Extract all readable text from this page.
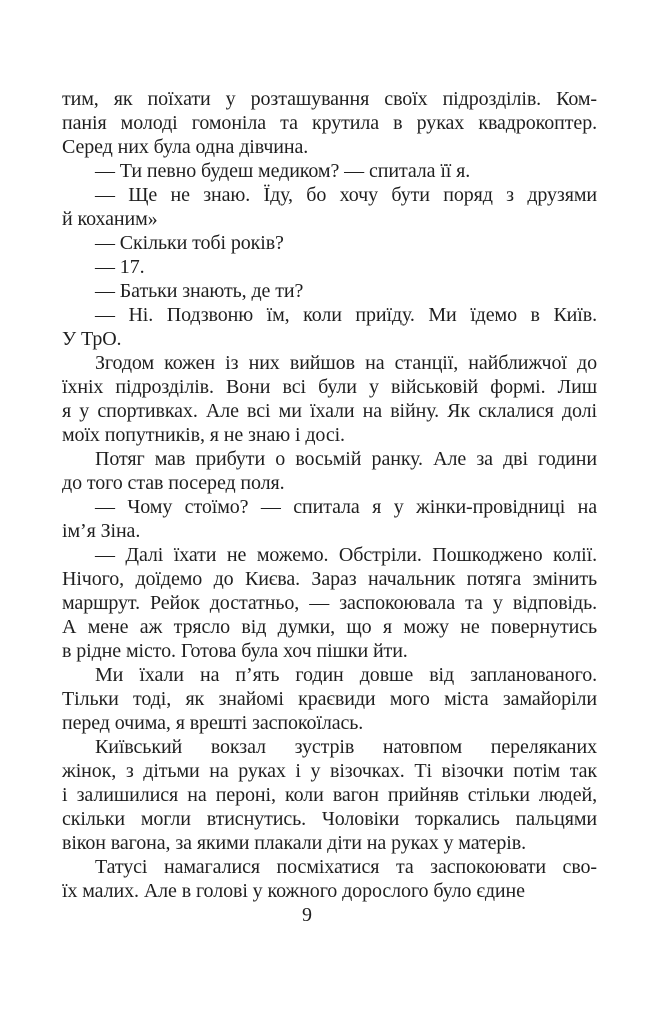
тим, як поїхати у розташування своїх підрозділів. Ком-
панія молоді гомоніла та крутила в руках квадрокоптер.
Серед них була одна дівчина.
— Ти певно будеш медиком? — спитала її я.
— Ще не знаю. Їду, бо хочу бути поряд з друзями
й коханим»
— Скільки тобі років?
— 17.
— Батьки знають, де ти?
— Ні. Подзвоню їм, коли приїду. Ми їдемо в Київ.
У ТрО.
Згодом кожен із них вийшов на станції, найближчої до
їхніх підрозділів. Вони всі були у військовій формі. Лиш
я у спортивках. Але всі ми їхали на війну. Як склалися долі
моїх попутників, я не знаю і досі.
Потяг мав прибути о восьмій ранку. Але за дві години
до того став посеред поля.
— Чому стоїмо? — спитала я у жінки-провідниці на
ім’я Зіна.
— Далі їхати не можемо. Обстріли. Пошкоджено колії.
Нічого, доїдемо до Києва. Зараз начальник потяга змінить
маршрут. Рейок достатньо, — заспокоювала та у відповідь.
А мене аж трясло від думки, що я можу не повернутись
в рідне місто. Готова була хоч пішки йти.
Ми їхали на п’ять годин довше від запланованого.
Тільки тоді, як знайомі краєвиди мого міста замайоріли
перед очима, я врешті заспокоїлась.
Київський вокзал зустрів натовпом переляканих
жінок, з дітьми на руках і у візочках. Ті візочки потім так
і залишилися на пероні, коли вагон прийняв стільки людей,
скільки могли втиснутись. Чоловіки торкались пальцями
вікон вагона, за якими плакали діти на руках у матерів.
Татусі намагалися посміхатися та заспокоювати сво-
їх малих. Але в голові у кожного дорослого було єдине
9
